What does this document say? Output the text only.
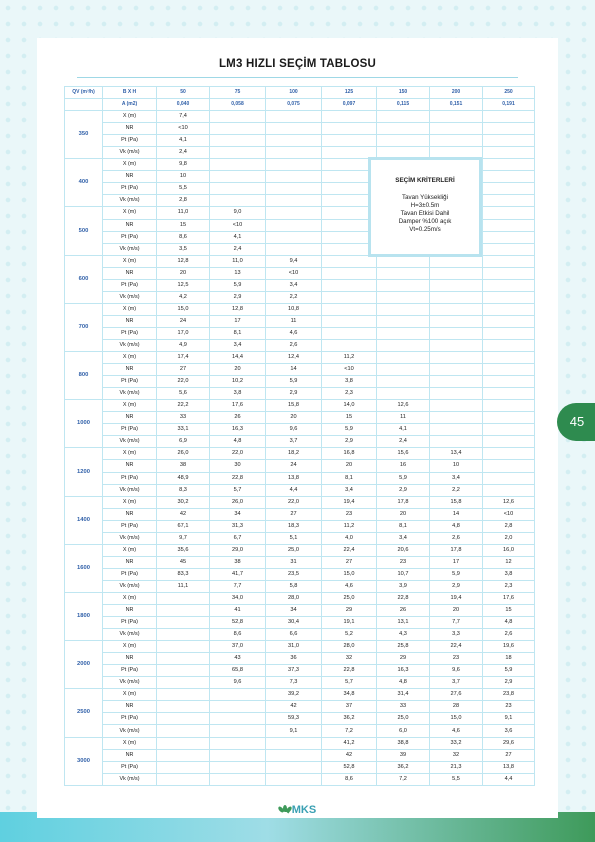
LM3 HIZLI SEÇİM TABLOSU
QV (m³/h)	B X H	50	75	100	125	150	200	250
	A (m2)	0,040	0,058	0,075	0,097	0,115	0,151	0,191
350	X (m)	7,4						
	NR	<10						
	Pt (Pa)	4,1						
	Vk (m/s)	2,4						
400	X (m)	9,8						
	NR	10						
	Pt (Pa)	5,5						
	Vk (m/s)	2,8						
500	X (m)	11,0	9,0					
	NR	15	<10					
	Pt (Pa)	8,6	4,1					
	Vk (m/s)	3,5	2,4					
600	X (m)	12,8	11,0	9,4				
	NR	20	13	<10				
	Pt (Pa)	12,5	5,9	3,4				
	Vk (m/s)	4,2	2,9	2,2				
700	X (m)	15,0	12,8	10,8				
	NR	24	17	11				
	Pt (Pa)	17,0	8,1	4,6				
	Vk (m/s)	4,9	3,4	2,6				
800	X (m)	17,4	14,4	12,4	11,2			
	NR	27	20	14	<10			
	Pt (Pa)	22,0	10,2	5,9	3,8			
	Vk (m/s)	5,6	3,8	2,9	2,3			
1000	X (m)	22,2	17,6	15,8	14,0	12,6		
	NR	33	26	20	15	11		
	Pt (Pa)	33,1	16,3	9,6	5,9	4,1		
	Vk (m/s)	6,9	4,8	3,7	2,9	2,4		
1200	X (m)	26,0	22,0	18,2	16,8	15,6	13,4	
	NR	38	30	24	20	16	10	
	Pt (Pa)	48,9	22,8	13,8	8,1	5,9	3,4	
	Vk (m/s)	8,3	5,7	4,4	3,4	2,9	2,2	
1400	X (m)	30,2	26,0	22,0	19,4	17,8	15,8	12,6
	NR	42	34	27	23	20	14	<10
	Pt (Pa)	67,1	31,3	18,3	11,2	8,1	4,8	2,8
	Vk (m/s)	9,7	6,7	5,1	4,0	3,4	2,6	2,0
1600	X (m)	35,6	29,0	25,0	22,4	20,6	17,8	16,0
	NR	45	38	31	27	23	17	12
	Pt (Pa)	83,3	41,7	23,5	15,0	10,7	5,9	3,8
	Vk (m/s)	11,1	7,7	5,8	4,6	3,9	2,9	2,3
1800	X (m)		34,0	28,0	25,0	22,8	19,4	17,6
	NR		41	34	29	26	20	15
	Pt (Pa)		52,8	30,4	19,1	13,1	7,7	4,8
	Vk (m/s)		8,6	6,6	5,2	4,3	3,3	2,6
2000	X (m)		37,0	31,0	28,0	25,8	22,4	19,6
	NR		43	36	32	29	23	18
	Pt (Pa)		65,8	37,3	22,8	16,3	9,6	5,9
	Vk (m/s)		9,6	7,3	5,7	4,8	3,7	2,9
2500	X (m)			39,2	34,8	31,4	27,6	23,8
	NR			42	37	33	28	23
	Pt (Pa)			59,3	36,2	25,0	15,0	9,1
	Vk (m/s)			9,1	7,2	6,0	4,6	3,6
3000	X (m)				41,2	38,8	33,2	29,6
	NR				42	39	32	27
	Pt (Pa)				52,8	36,2	21,3	13,8
	Vk (m/s)				8,6	7,2	5,5	4,4
SEÇİM KRİTERLERİ
Tavan Yüksekliği
H=3±0.5m
Tavan Etkisi Dahil
Damper %100 açık
Vt=0.25m/s
45
MKS
